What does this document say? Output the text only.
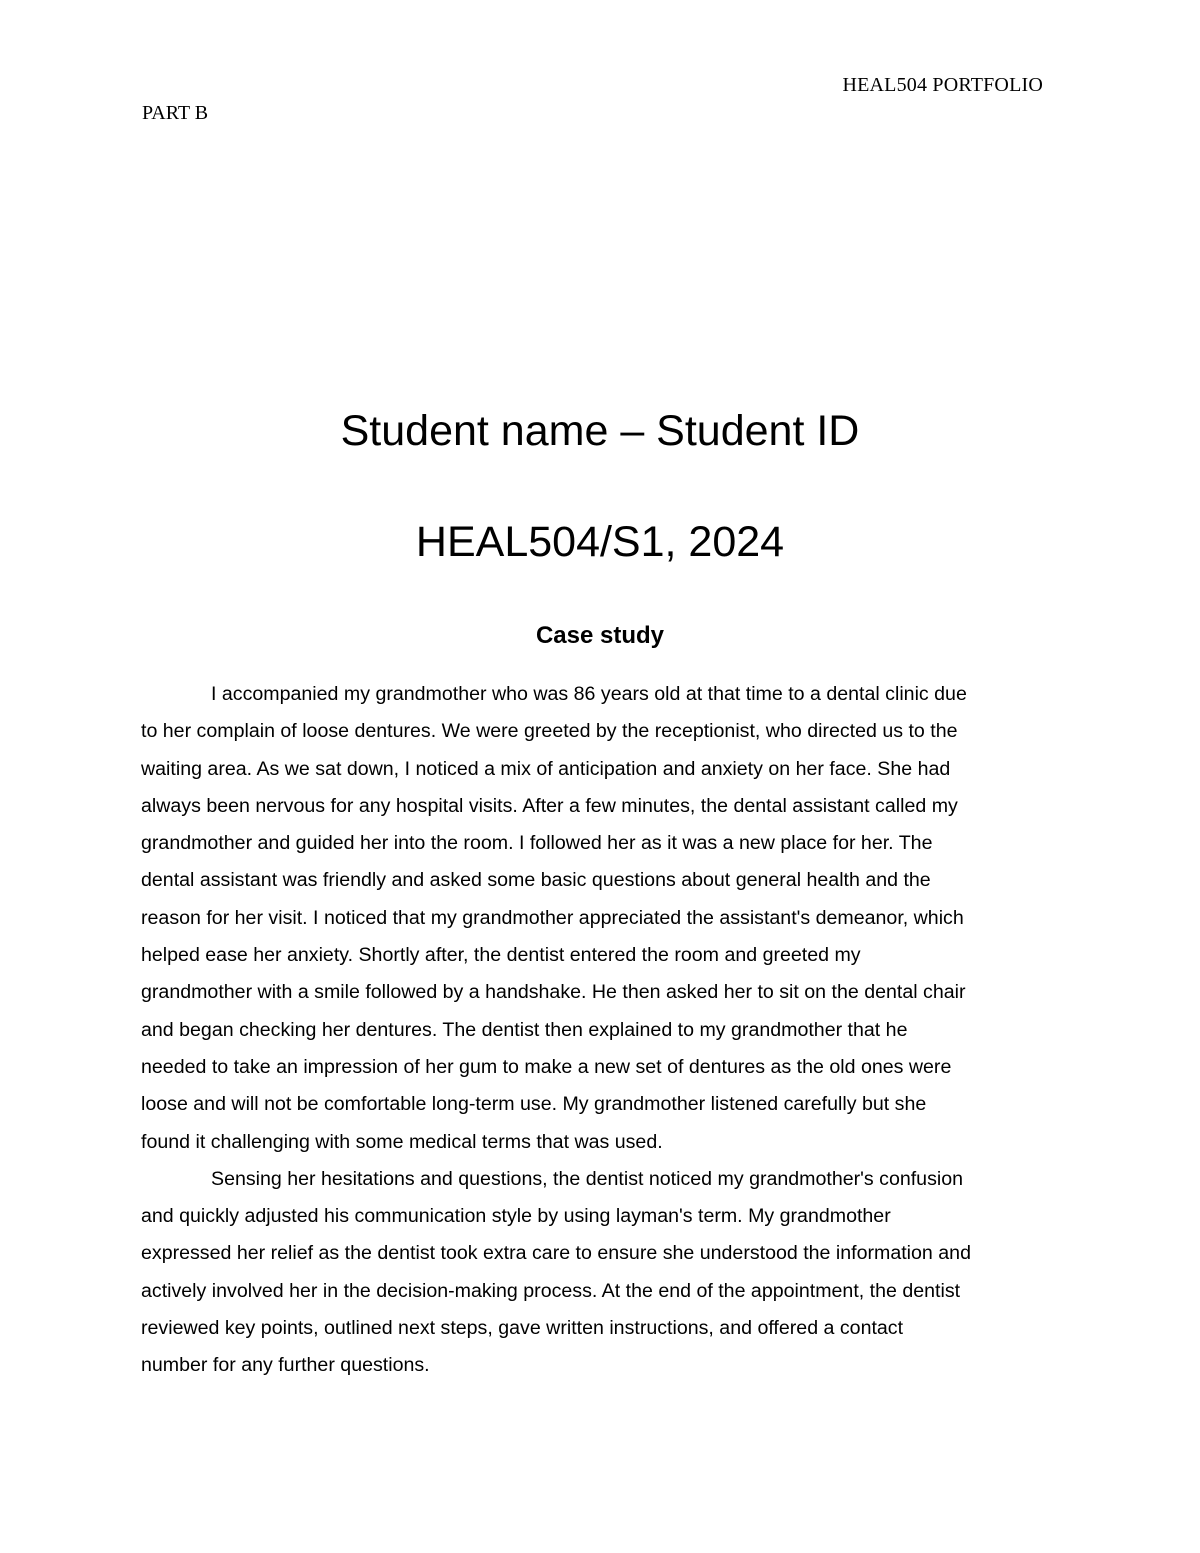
HEAL504 PORTFOLIO
PART B
Student name – Student ID
HEAL504/S1, 2024
Case study
I accompanied my grandmother who was 86 years old at that time to a dental clinic due
to her complain of loose dentures. We were greeted by the receptionist, who directed us to the
waiting area. As we sat down, I noticed a mix of anticipation and anxiety on her face. She had
always been nervous for any hospital visits. After a few minutes, the dental assistant called my
grandmother and guided her into the room. I followed her as it was a new place for her. The
dental assistant was friendly and asked some basic questions about general health and the
reason for her visit. I noticed that my grandmother appreciated the assistant's demeanor, which
helped ease her anxiety. Shortly after, the dentist entered the room and greeted my
grandmother with a smile followed by a handshake. He then asked her to sit on the dental chair
and began checking her dentures. The dentist then explained to my grandmother that he
needed to take an impression of her gum to make a new set of dentures as the old ones were
loose and will not be comfortable long-term use. My grandmother listened carefully but she
found it challenging with some medical terms that was used.
Sensing her hesitations and questions, the dentist noticed my grandmother's confusion
and quickly adjusted his communication style by using layman's term. My grandmother
expressed her relief as the dentist took extra care to ensure she understood the information and
actively involved her in the decision-making process. At the end of the appointment, the dentist
reviewed key points, outlined next steps, gave written instructions, and offered a contact
number for any further questions.
